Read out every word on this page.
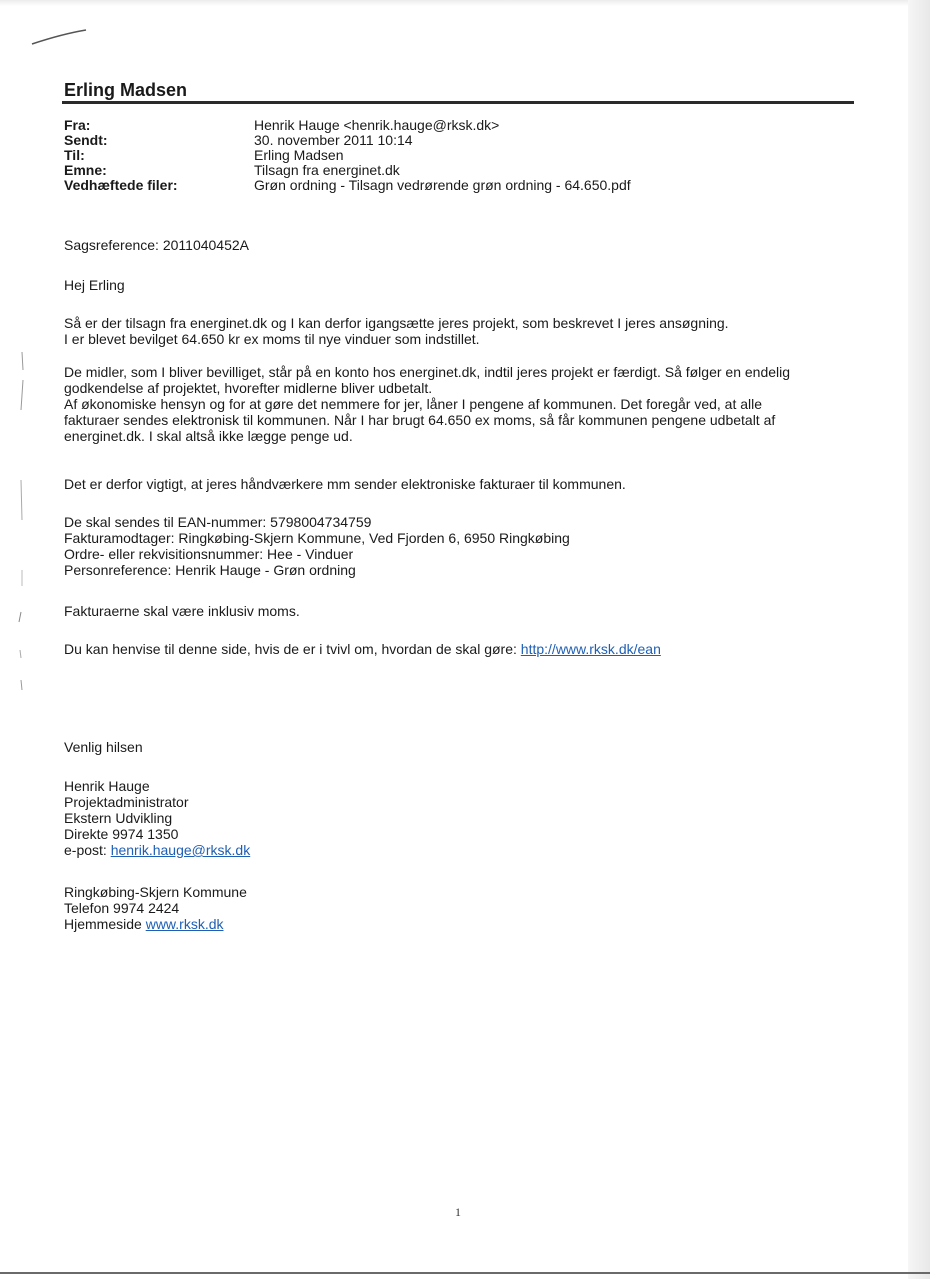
Erling Madsen
Fra:	Henrik Hauge <henrik.hauge@rksk.dk>
Sendt:	30. november 2011 10:14
Til:	Erling Madsen
Emne:	Tilsagn fra energinet.dk
Vedhæftede filer:	Grøn ordning - Tilsagn vedrørende grøn ordning - 64.650.pdf
Sagsreference: 2011040452A
Hej Erling
Så er der tilsagn fra energinet.dk og I kan derfor igangsætte jeres projekt, som beskrevet I jeres ansøgning.
I er blevet bevilget 64.650 kr ex moms til nye vinduer som indstillet.
De midler, som I bliver bevilliget, står på en konto hos energinet.dk, indtil jeres projekt er færdigt. Så følger en endelig
godkendelse af projektet, hvorefter midlerne bliver udbetalt.
Af økonomiske hensyn og for at gøre det nemmere for jer, låner I pengene af kommunen. Det foregår ved, at alle
fakturaer sendes elektronisk til kommunen. Når I har brugt 64.650 ex moms, så får kommunen pengene udbetalt af
energinet.dk. I skal altså ikke lægge penge ud.
Det er derfor vigtigt, at jeres håndværkere mm sender elektroniske fakturaer til kommunen.
De skal sendes til EAN-nummer: 5798004734759
Fakturamodtager: Ringkøbing-Skjern Kommune, Ved Fjorden 6, 6950 Ringkøbing
Ordre- eller rekvisitionsnummer: Hee - Vinduer
Personreference: Henrik Hauge - Grøn ordning
Fakturaerne skal være inklusiv moms.
Du kan henvise til denne side, hvis de er i tvivl om, hvordan de skal gøre: http://www.rksk.dk/ean
Venlig hilsen
Henrik Hauge
Projektadministrator
Ekstern Udvikling
Direkte 9974 1350
e-post: henrik.hauge@rksk.dk
Ringkøbing-Skjern Kommune
Telefon 9974 2424
Hjemmeside www.rksk.dk
1
